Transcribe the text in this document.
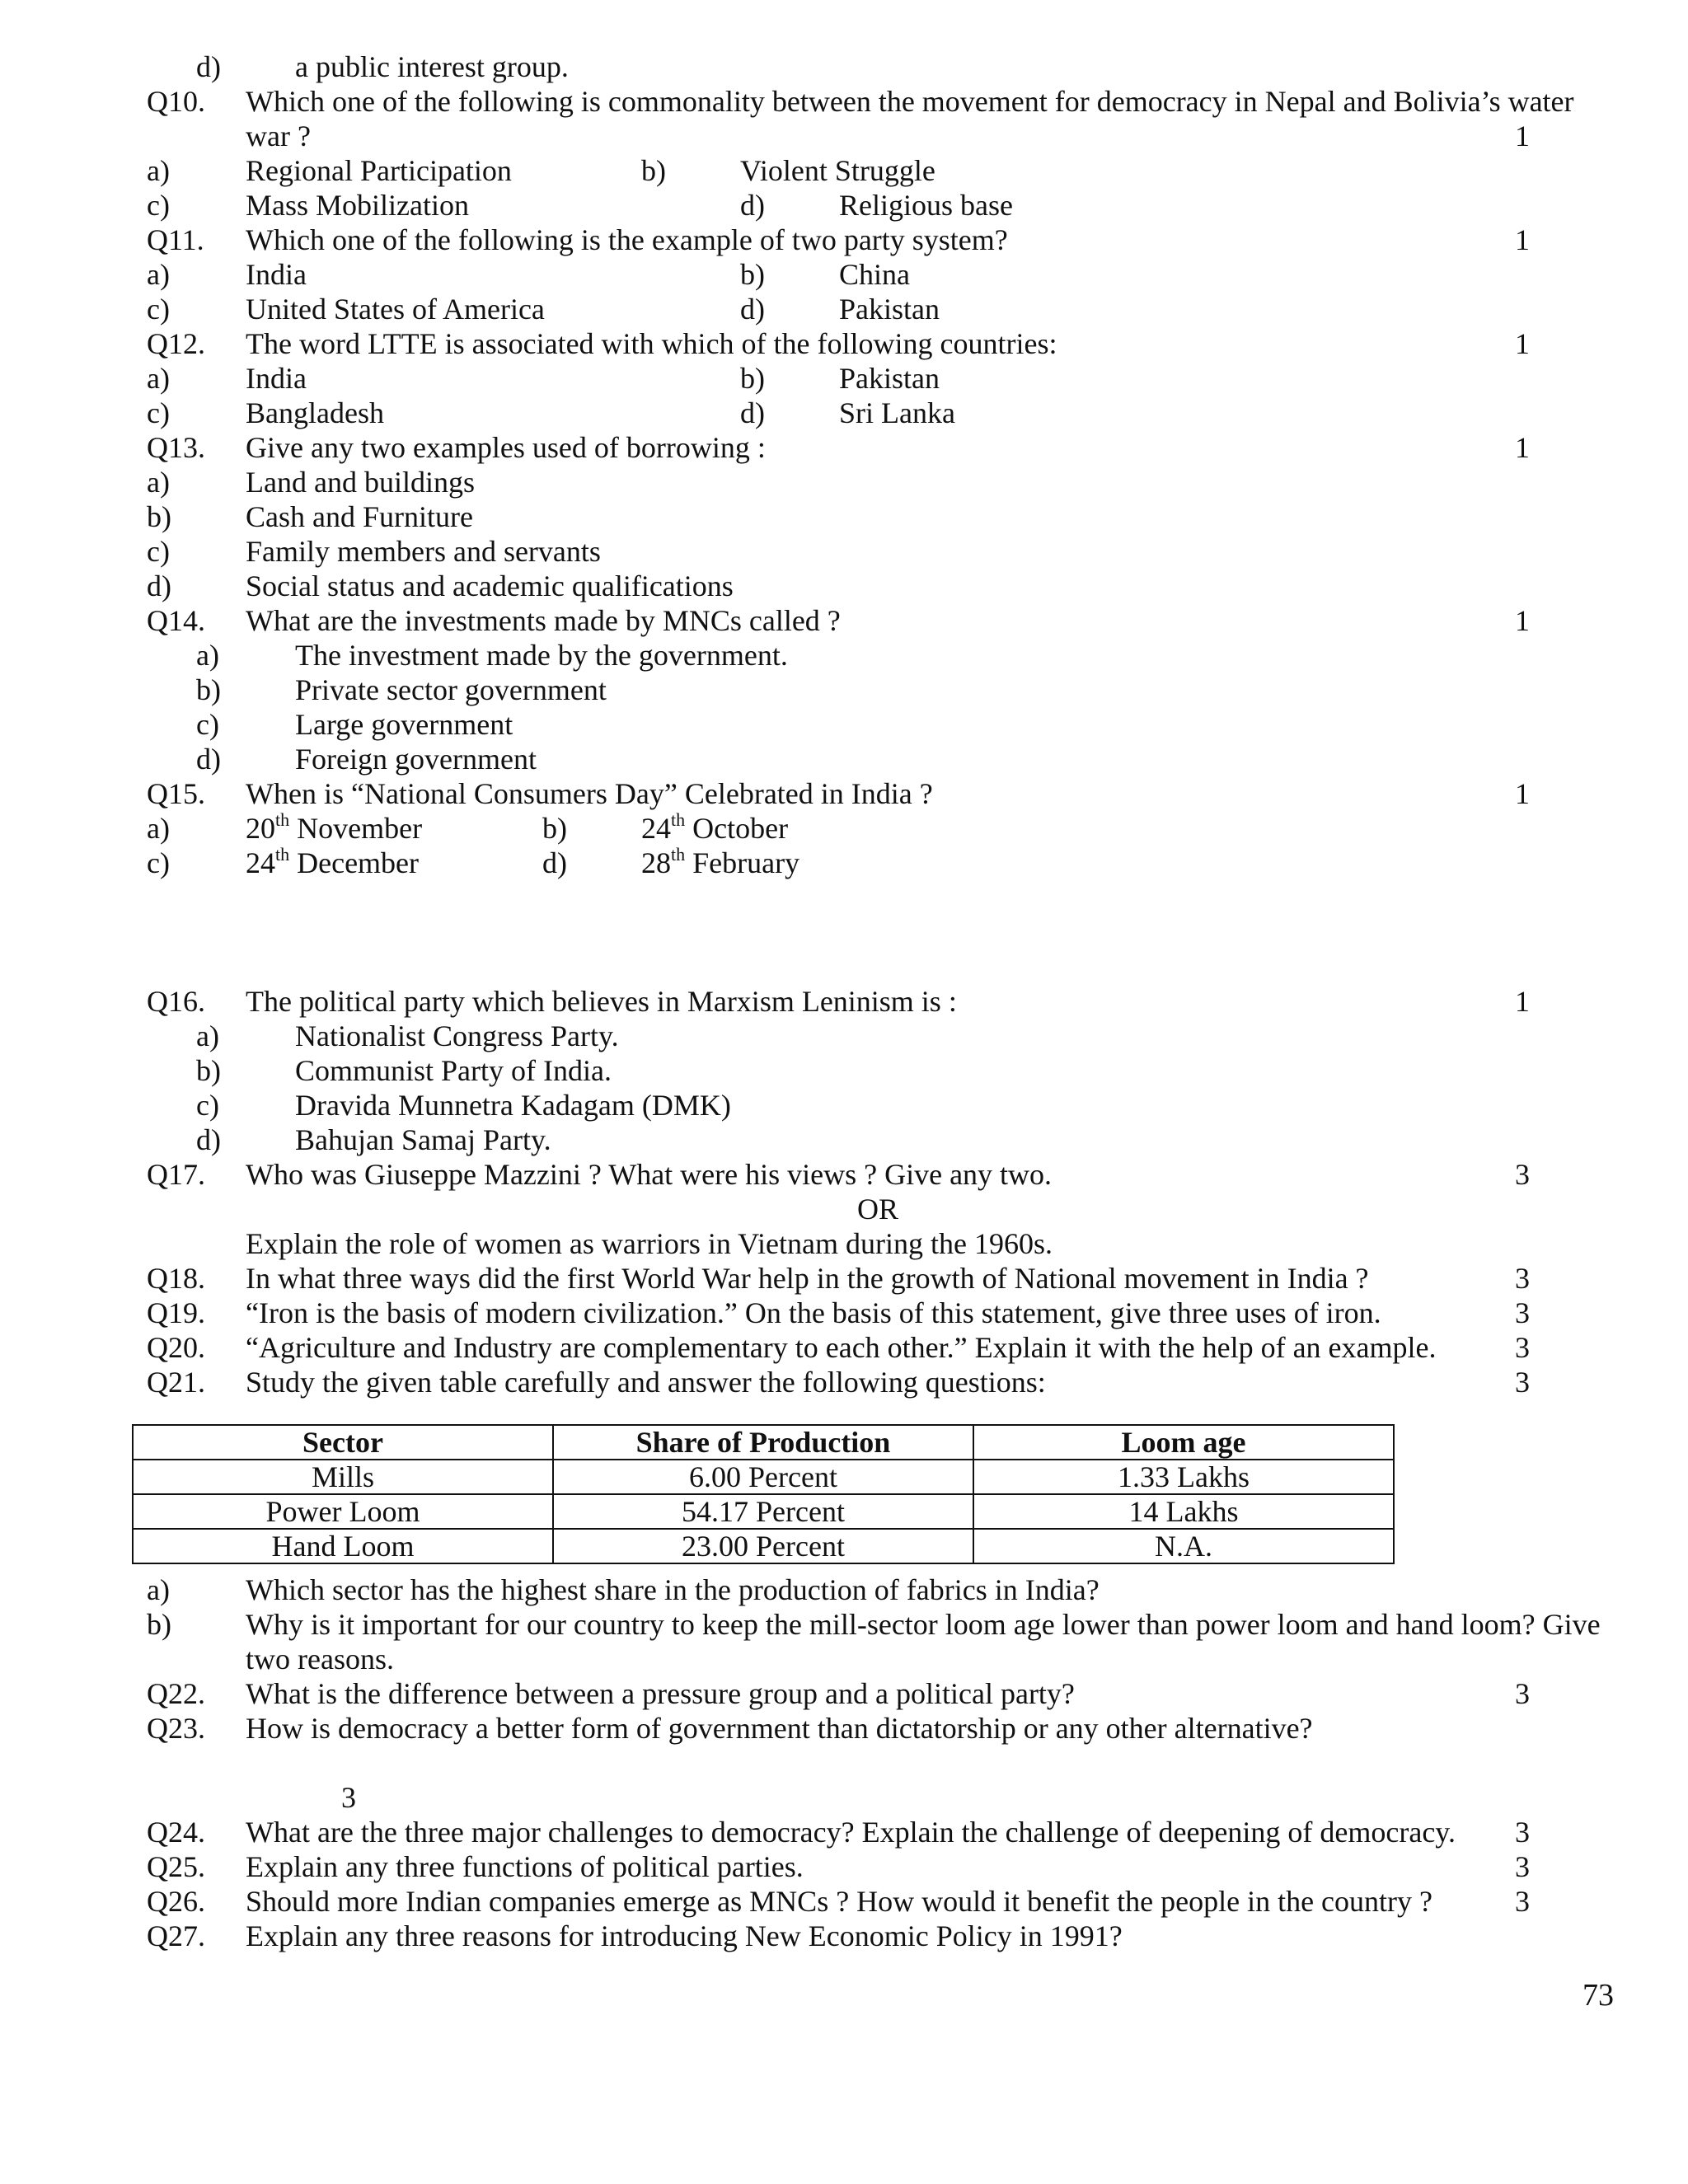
d)	a public interest group.
Q10. Which one of the following is commonality between the movement for democracy in Nepal and Bolivia’s water
war ?	1
a)	Regional Participation	b)	Violent Struggle
c)	Mass Mobilization	d)	Religious base
Q11. Which one of the following is the example of two party system?	1
a)	India	b)	China
c)	United States of America	d)	Pakistan
Q12. The word LTTE is associated with which of the following countries:	1
a)	India	b)	Pakistan
c)	Bangladesh	d)	Sri Lanka
Q13. Give any two examples used of borrowing :	1
a)	Land and buildings
b)	Cash and Furniture
c)	Family members and servants
d)	Social status and academic qualifications
Q14. What are the investments made by MNCs called ?	1
a)	The investment made by the government.
b)	Private sector government
c)	Large government
d)	Foreign government
Q15. When is “National Consumers Day” Celebrated in India ?	1
a)	20th November	b)	24th October
c)	24th December	d)	28th February
Q16. The political party which believes in Marxism Leninism is :	1
a)	Nationalist Congress Party.
b)	Communist Party of India.
c)	Dravida Munnetra Kadagam (DMK)
d)	Bahujan Samaj Party.
Q17. Who was Giuseppe Mazzini ? What were his views ? Give any two.	3
OR
Explain the role of women as warriors in Vietnam during the 1960s.
Q18. In what three ways did the first World War help in the growth of National movement in India ?	3
Q19. “Iron is the basis of modern civilization.” On the basis of this statement, give three uses of iron.	3
Q20. “Agriculture and Industry are complementary to each other.” Explain it with the help of an example.	3
Q21. Study the given table carefully and answer the following questions:	3
Sector	Share of Production	Loom age
Mills	6.00 Percent	1.33 Lakhs
Power Loom	54.17 Percent	14 Lakhs
Hand Loom	23.00 Percent	N.A.
a)	Which sector has the highest share in the production of fabrics in India?
b)	Why is it important for our country to keep the mill-sector loom age lower than power loom and hand loom? Give two reasons.
Q22. What is the difference between a pressure group and a political party?	3
Q23. How is democracy a better form of government than dictatorship or any other alternative?
3
Q24. What are the three major challenges to democracy? Explain the challenge of deepening of democracy. 3
Q25. Explain any three functions of political parties.	3
Q26. Should more Indian companies emerge as MNCs ? How would it benefit the people in the country ?	3
Q27. Explain any three reasons for introducing New Economic Policy in 1991?
73
